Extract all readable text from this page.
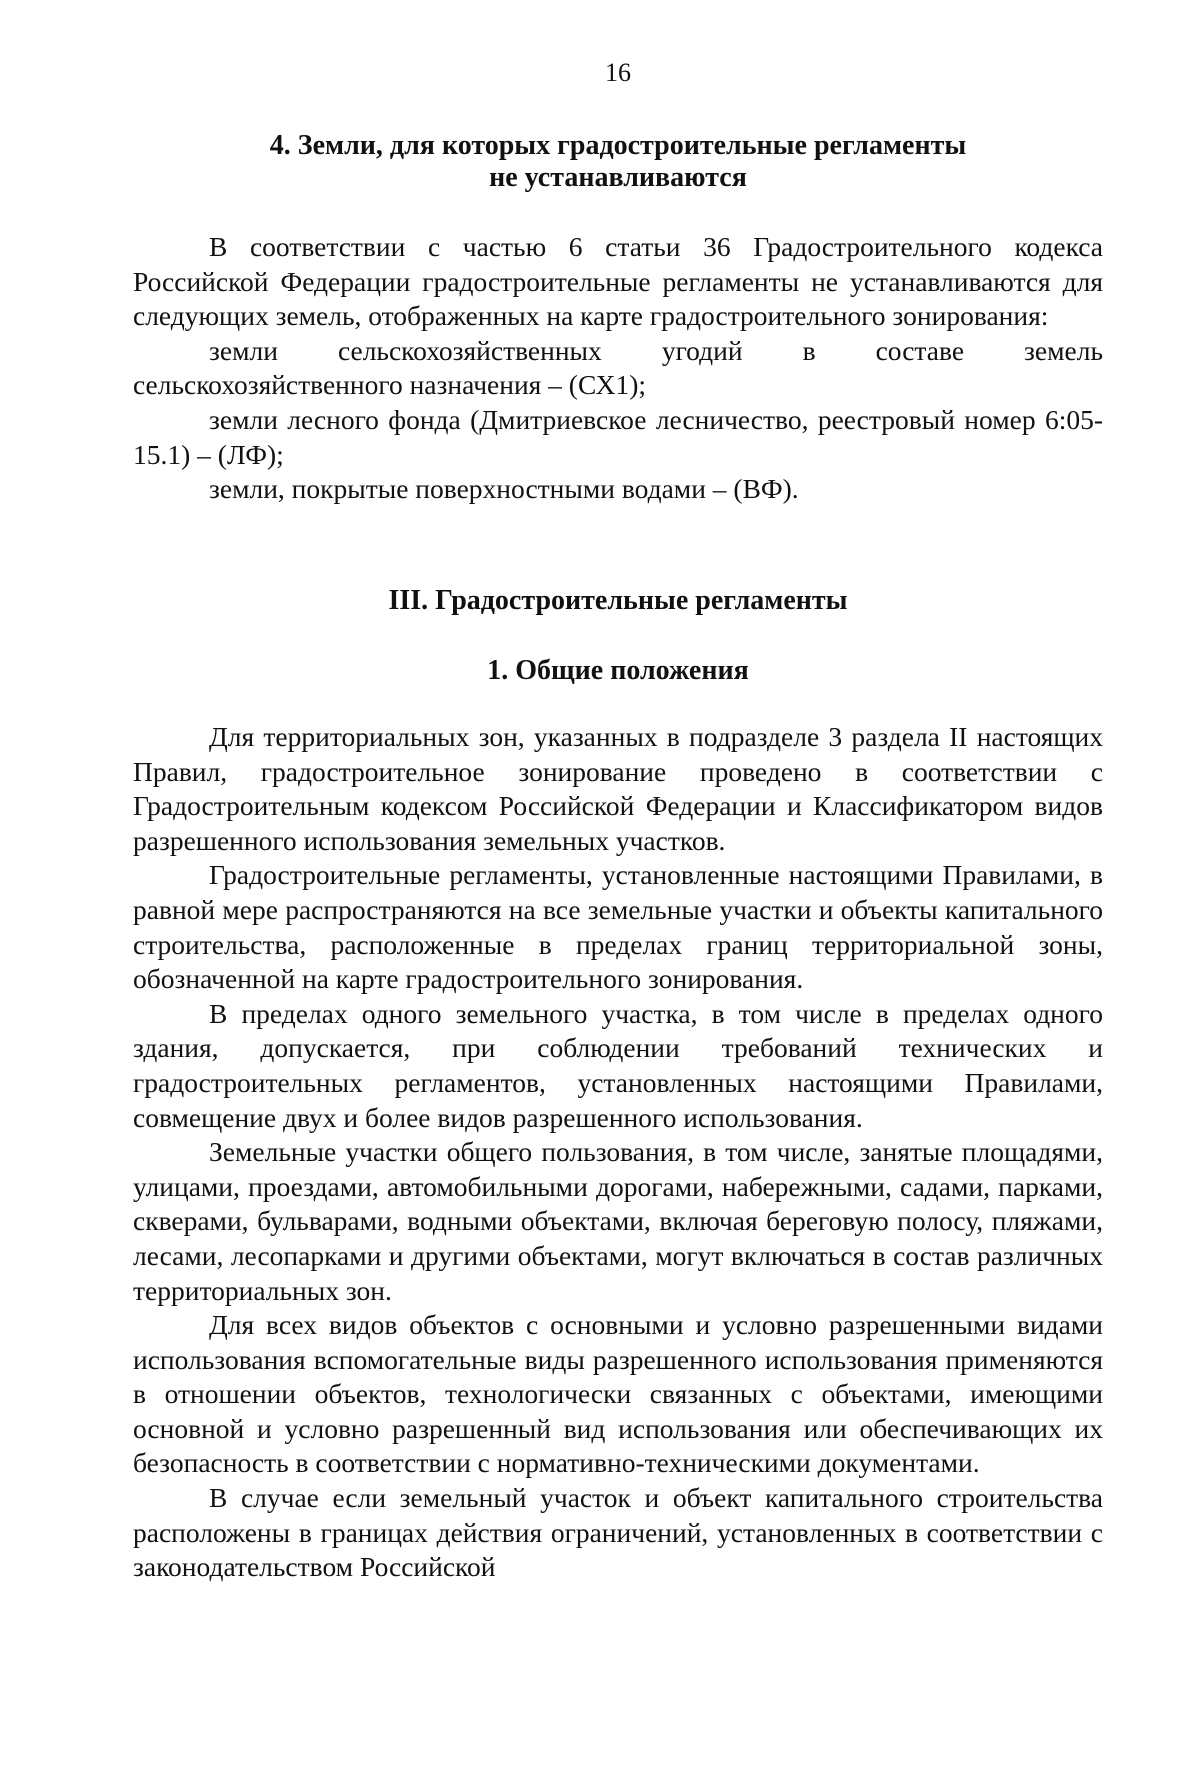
16
4. Земли, для которых градостроительные регламенты
не устанавливаются

В соответствии с частью 6 статьи 36 Градостроительного кодекса Российской Федерации градостроительные регламенты не устанавливаются для следующих земель, отображенных на карте градостроительного зонирования:

земли сельскохозяйственных угодий в составе земель сельскохозяйственного назначения – (СХ1);

земли лесного фонда (Дмитриевское лесничество, реестровый номер 6:05-15.1) – (ЛФ);

земли, покрытые поверхностными водами – (ВФ).

III. Градостроительные регламенты
1. Общие положения

Для территориальных зон, указанных в подразделе 3 раздела II настоящих Правил, градостроительное зонирование проведено в соответствии с Градостроительным кодексом Российской Федерации и Классификатором видов разрешенного использования земельных участков.

Градостроительные регламенты, установленные настоящими Правилами, в равной мере распространяются на все земельные участки и объекты капитального строительства, расположенные в пределах границ территориальной зоны, обозначенной на карте градостроительного зонирования.

В пределах одного земельного участка, в том числе в пределах одного здания, допускается, при соблюдении требований технических и градостроительных регламентов, установленных настоящими Правилами, совмещение двух и более видов разрешенного использования.

Земельные участки общего пользования, в том числе, занятые площадями, улицами, проездами, автомобильными дорогами, набережными, садами, парками, скверами, бульварами, водными объектами, включая береговую полосу, пляжами, лесами, лесопарками и другими объектами, могут включаться в состав различных территориальных зон.

Для всех видов объектов с основными и условно разрешенными видами использования вспомогательные виды разрешенного использования применяются в отношении объектов, технологически связанных с объектами, имеющими основной и условно разрешенный вид использования или обеспечивающих их безопасность в соответствии с нормативно-техническими документами.

В случае если земельный участок и объект капитального строительства расположены в границах действия ограничений, установленных в соответствии с законодательством Российской
